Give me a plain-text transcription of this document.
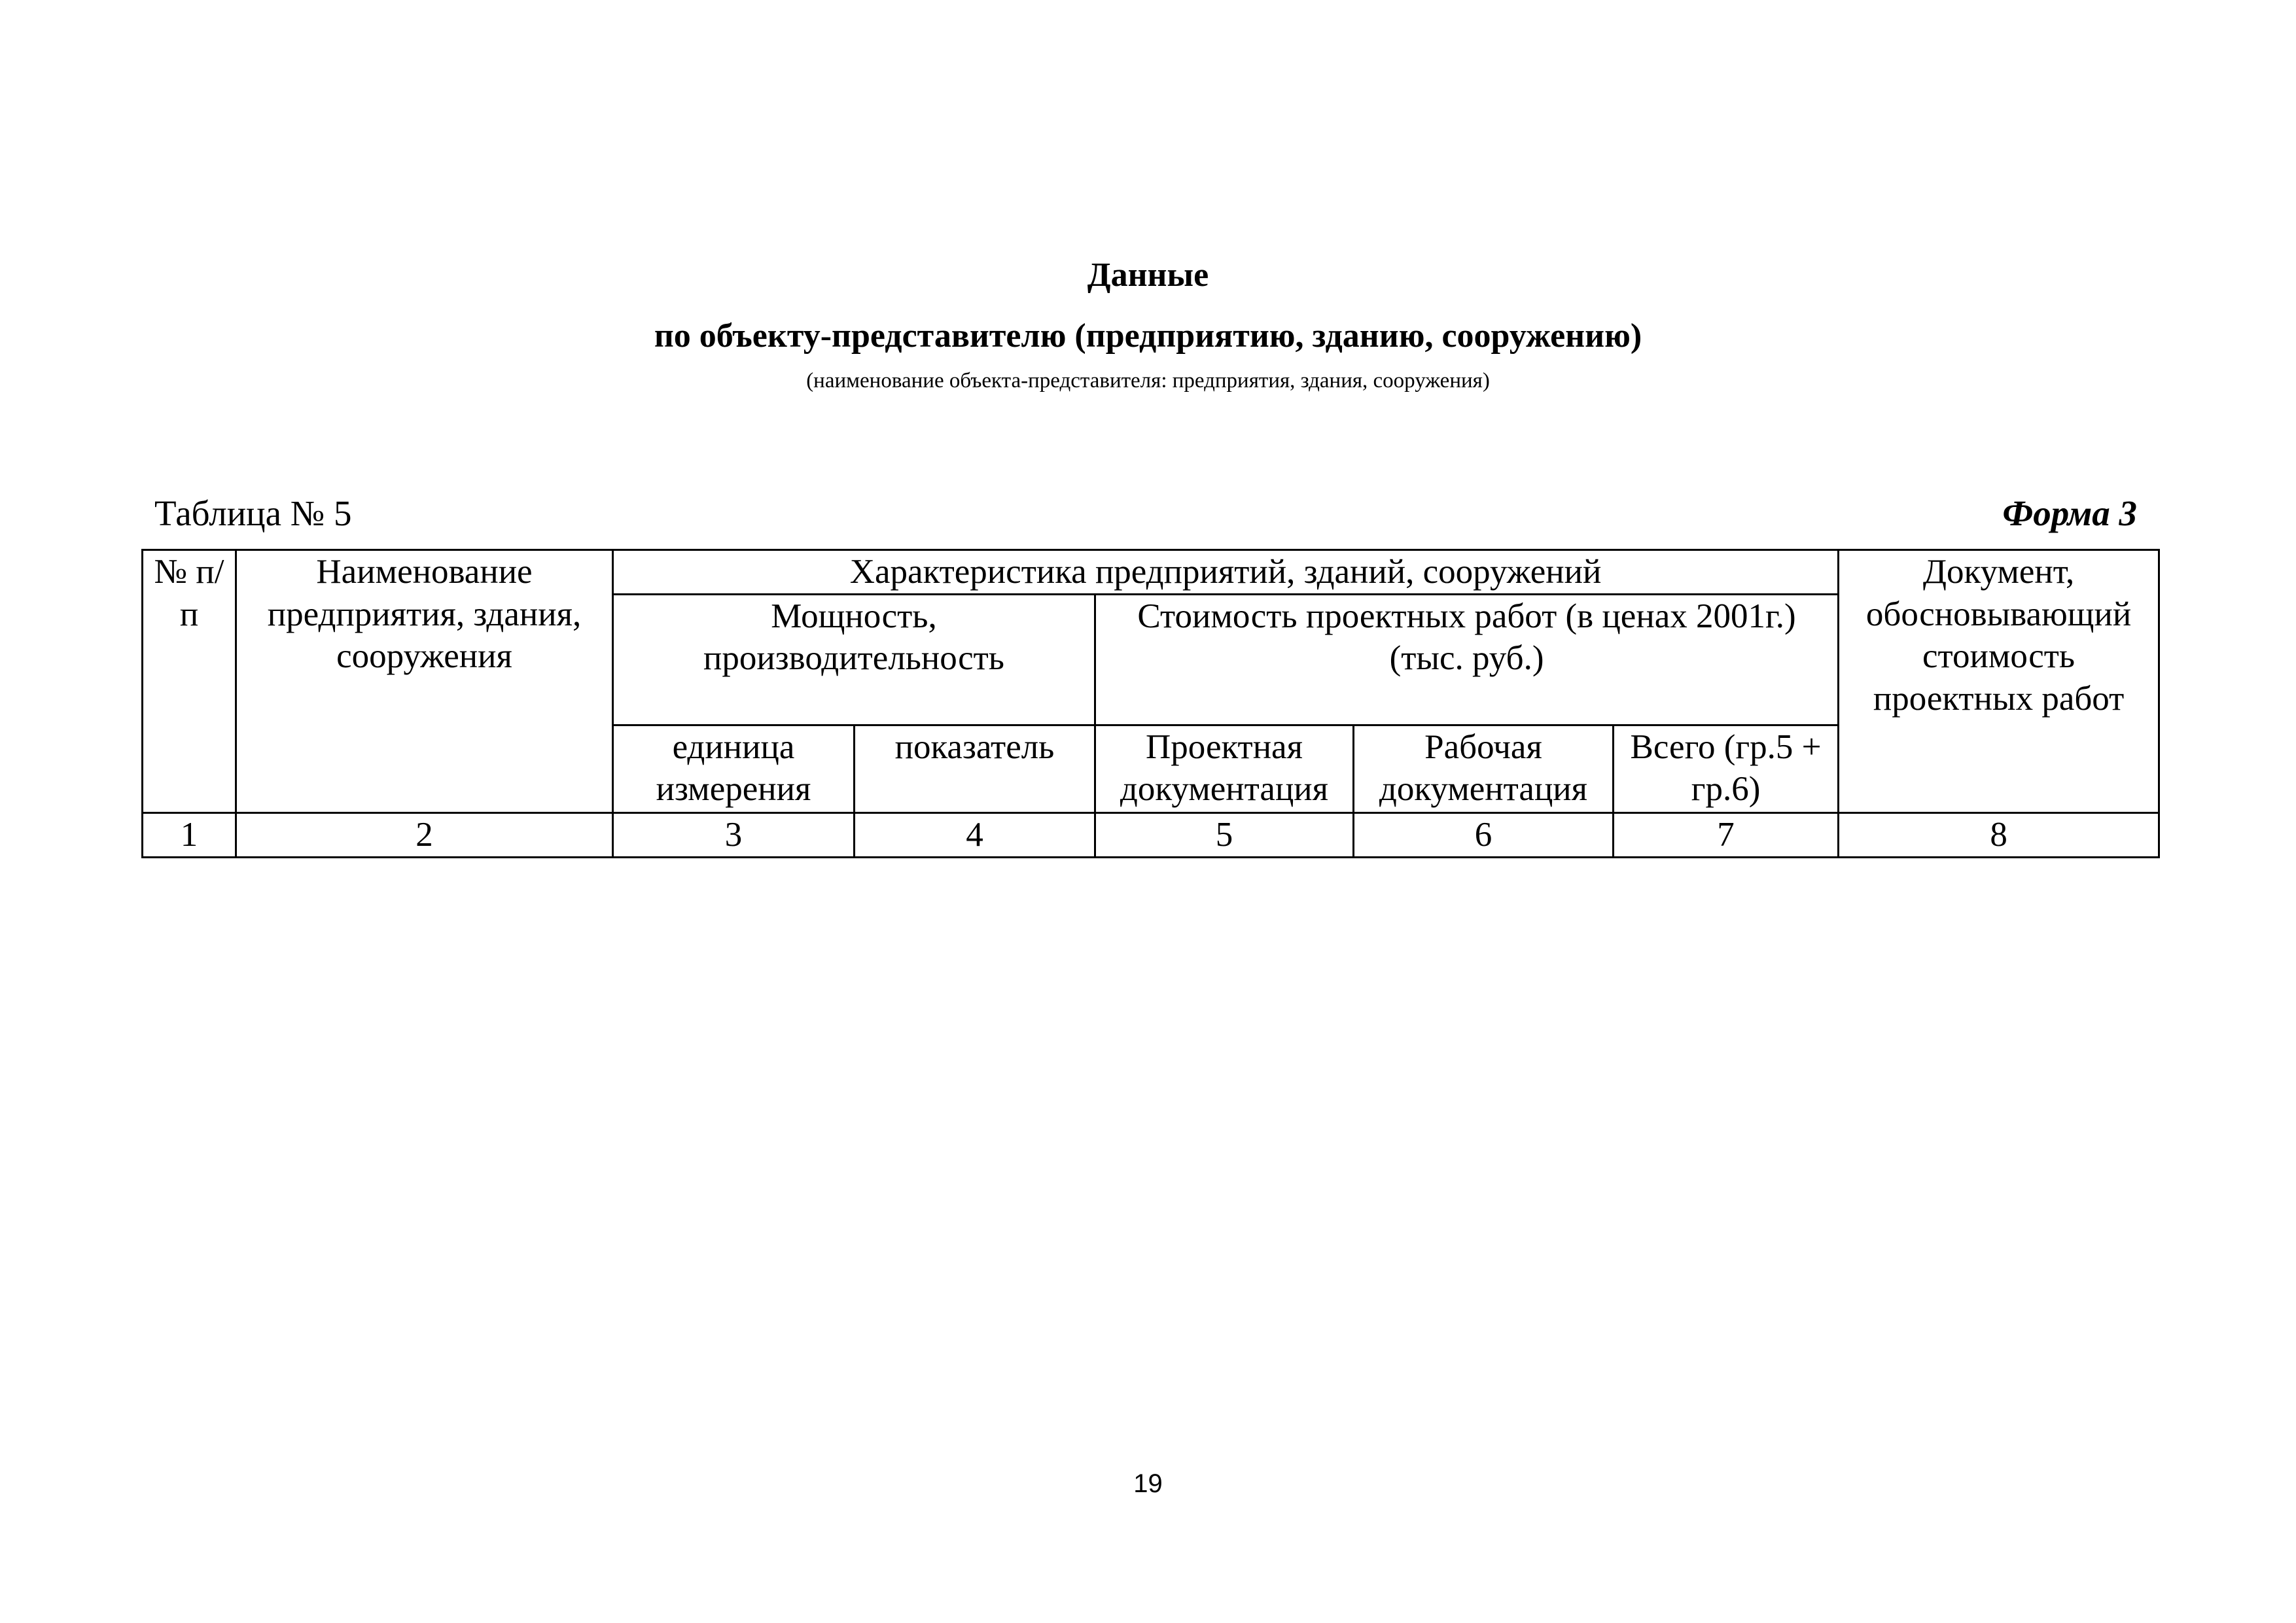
Данные
по объекту-представителю (предприятию, зданию, сооружению)
(наименование объекта-представителя: предприятия, здания, сооружения)
Таблица № 5	Форма 3
№ п/п	Наименование предприятия, здания, сооружения	Характеристика предприятий, зданий, сооружений					Документ, обосновывающий стоимость проектных работ
		Мощность, производительность		Стоимость проектных работ (в ценах 2001г.) (тыс. руб.)			
		единица измерения	показатель	Проектная документация	Рабочая документация	Всего (гр.5 + гр.6)	
1	2	3	4	5	6	7	8
19
